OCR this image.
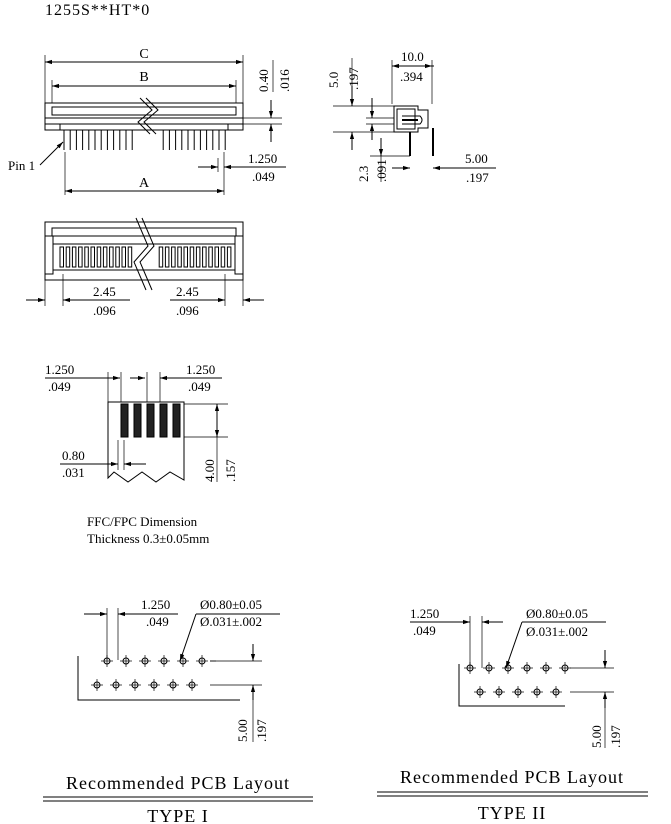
1255S**HT*0
C
B
Pin 1
A
1.250
.049
0.40 .016
10.0
.394
5.0 .197
2.3 .091
5.00
.197
2.45
.096
2.45
.096
1.250
.049
1.250
.049
4.00 .157
0.80
.031
FFC/FPC Dimension
Thickness 0.3±0.05mm
1.250
.049
Ø0.80±0.05
Ø.031±.002
5.00 .197
Recommended PCB Layout
TYPE I
1.250
.049
Ø0.80±0.05
Ø.031±.002
5.00 .197
Recommended PCB Layout
TYPE II
